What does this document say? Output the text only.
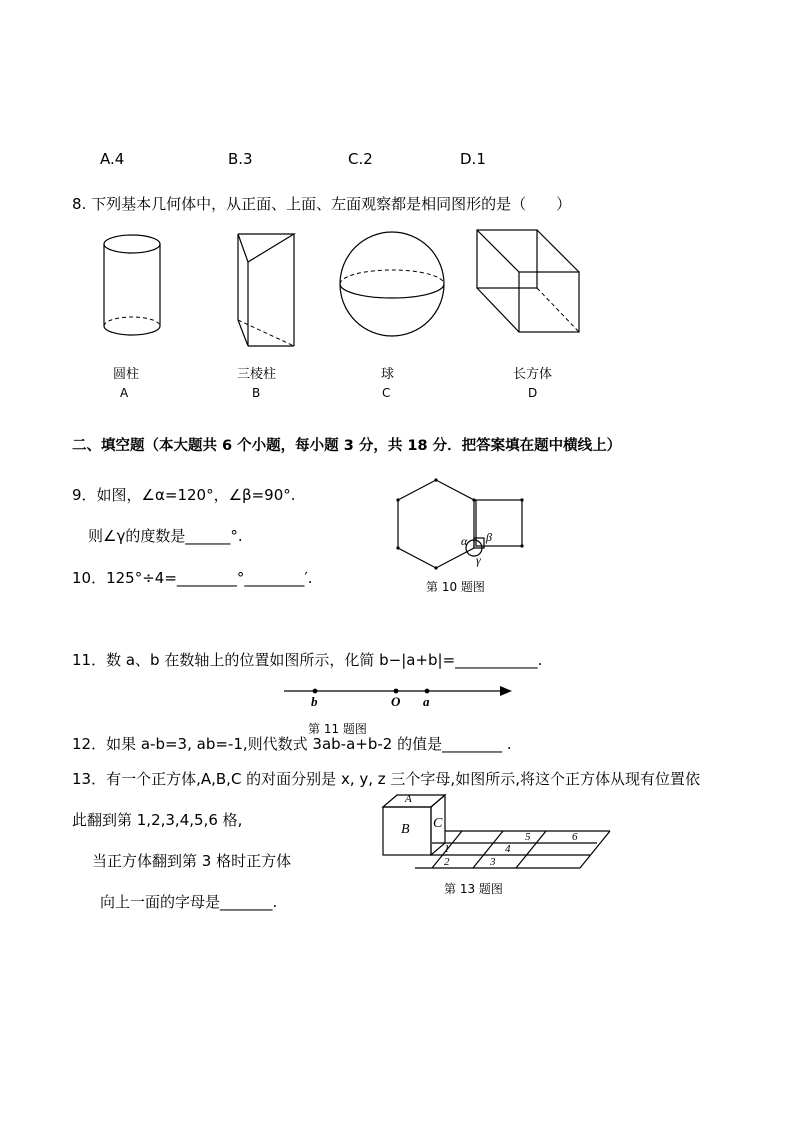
A.4	B.3	C.2	D.1
8. 下列基本几何体中，从正面、上面、左面观察都是相同图形的是（　　）
圆柱
A
三棱柱
B
球
C
长方体
D
二、填空题（本大题共 6 个小题，每小题 3 分，共 18 分．把答案填在题中横线上）
9．如图，∠α=120°，∠β=90°.
则∠γ的度数是______°.	α β
γ
第 10 题图
10．125°÷4=________°________′.
11．数 a、b 在数轴上的位置如图所示，化简 b−|a+b|=___________.
b	O a
第 11 题图
12．如果 a-b=3, ab=-1,则代数式 3ab-a+b-2 的值是________ .
13．有一个正方体,A,B,C 的对面分别是 x, y, z 三个字母,如图所示,将这个正方体从现有位置依
此翻到第 1,2,3,4,5,6 格,
当正方体翻到第 3 格时正方体
向上一面的字母是_______.
A
B C
1
2	3
4
5	6
第 13 题图
